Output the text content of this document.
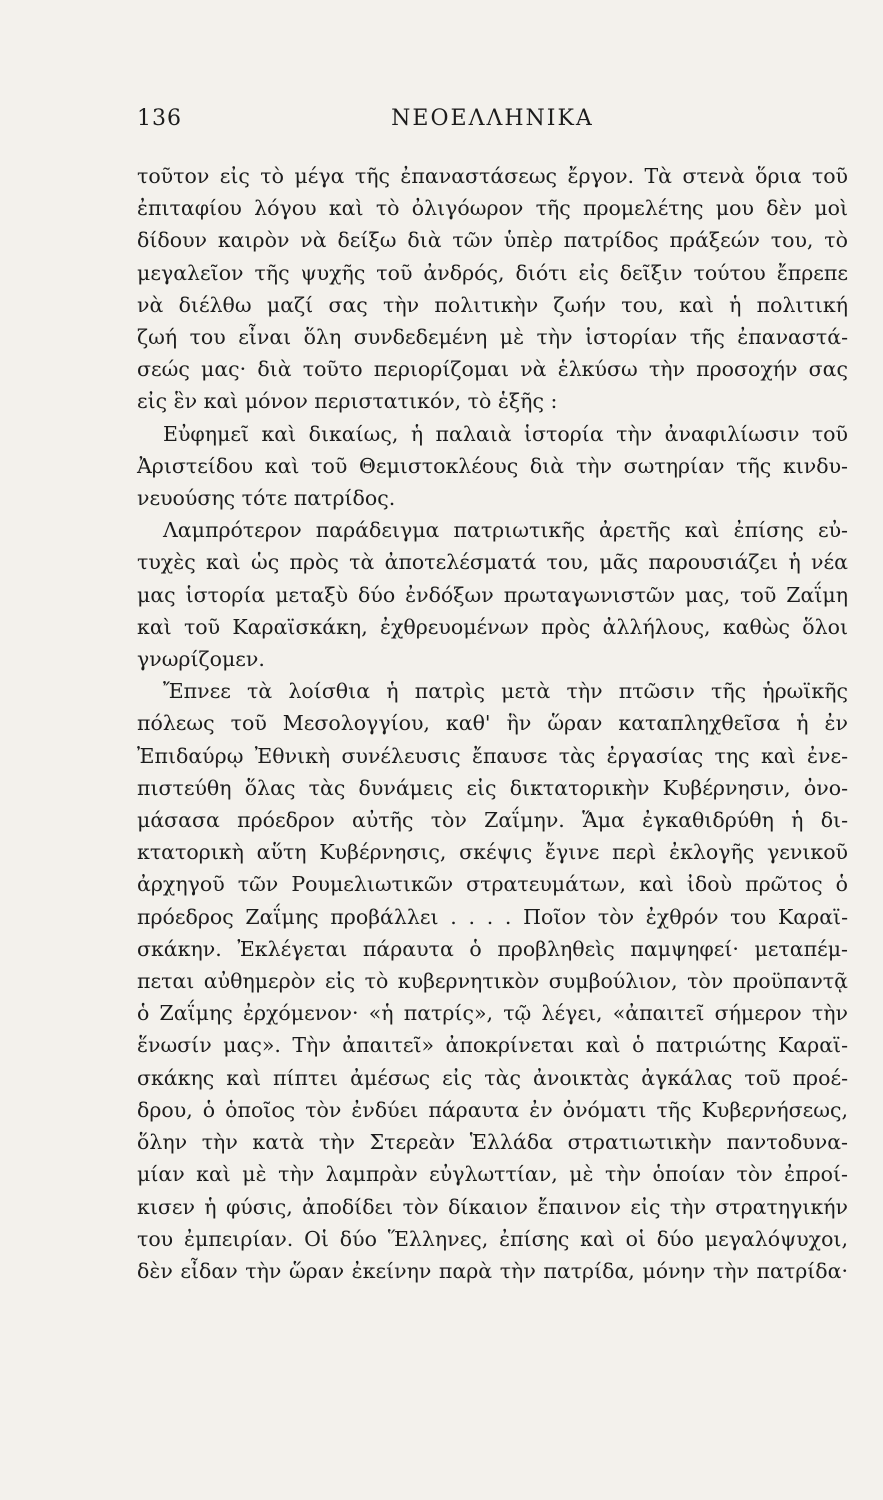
136	ΝΕΟΕΛΛΗΝΙΚΑ
τοῦτον εἰς τὸ μέγα τῆς ἐπαναστάσεως ἔργον. Τὰ στενὰ ὅρια τοῦ
ἐπιταφίου λόγου καὶ τὸ ὀλιγόωρον τῆς προμελέτης μου δὲν μοὶ
δίδουν καιρὸν νὰ δείξω διὰ τῶν ὑπὲρ πατρίδος πράξεών του, τὸ
μεγαλεῖον τῆς ψυχῆς τοῦ ἀνδρός, διότι εἰς δεῖξιν τούτου ἔπρεπε
νὰ διέλθω μαζί σας τὴν πολιτικὴν ζωήν του, καὶ ἡ πολιτική
ζωή του εἶναι ὅλη συνδεδεμένη μὲ τὴν ἱστορίαν τῆς ἐπαναστά-
σεώς μας· διὰ τοῦτο περιορίζομαι νὰ ἑλκύσω τὴν προσοχήν σας
εἰς ἓν καὶ μόνον περιστατικόν, τὸ ἑξῆς :
Εὐφημεῖ καὶ δικαίως, ἡ παλαιὰ ἱστορία τὴν ἀναφιλίωσιν τοῦ
Ἀριστείδου καὶ τοῦ Θεμιστοκλέους διὰ τὴν σωτηρίαν τῆς κινδυ-
νευούσης τότε πατρίδος.
Λαμπρότερον παράδειγμα πατριωτικῆς ἀρετῆς καὶ ἐπίσης εὐ-
τυχὲς καὶ ὡς πρὸς τὰ ἀποτελέσματά του, μᾶς παρουσιάζει ἡ νέα
μας ἱστορία μεταξὺ δύο ἐνδόξων πρωταγωνιστῶν μας, τοῦ Ζαΐμη
καὶ τοῦ Καραϊσκάκη, ἐχθρευομένων πρὸς ἀλλήλους, καθὼς ὅλοι
γνωρίζομεν.
Ἔπνεε τὰ λοίσθια ἡ πατρὶς μετὰ τὴν πτῶσιν τῆς ἡρωϊκῆς
πόλεως τοῦ Μεσολογγίου, καθ' ἣν ὥραν καταπληχθεῖσα ἡ ἐν
Ἐπιδαύρῳ Ἐθνικὴ συνέλευσις ἔπαυσε τὰς ἐργασίας της καὶ ἐνε-
πιστεύθη ὅλας τὰς δυνάμεις εἰς δικτατορικὴν Κυβέρνησιν, ὀνο-
μάσασα πρόεδρον αὐτῆς τὸν Ζαΐμην. Ἅμα ἐγκαθιδρύθη ἡ δι-
κτατορικὴ αὕτη Κυβέρνησις, σκέψις ἔγινε περὶ ἐκλογῆς γενικοῦ
ἀρχηγοῦ τῶν Ρουμελιωτικῶν στρατευμάτων, καὶ ἰδοὺ πρῶτος ὁ
πρόεδρος Ζαΐμης προβάλλει . . . . Ποῖον τὸν ἐχθρόν του Καραϊ-
σκάκην. Ἐκλέγεται πάραυτα ὁ προβληθεὶς παμψηφεί· μεταπέμ-
πεται αὐθημερὸν εἰς τὸ κυβερνητικὸν συμβούλιον, τὸν προϋπαντᾷ
ὁ Ζαΐμης ἐρχόμενον· «ἡ πατρίς», τῷ λέγει, «ἀπαιτεῖ σήμερον τὴν
ἕνωσίν μας». Τὴν ἀπαιτεῖ» ἀποκρίνεται καὶ ὁ πατριώτης Καραϊ-
σκάκης καὶ πίπτει ἀμέσως εἰς τὰς ἀνοικτὰς ἀγκάλας τοῦ προέ-
δρου, ὁ ὁποῖος τὸν ἐνδύει πάραυτα ἐν ὀνόματι τῆς Κυβερνήσεως,
ὅλην τὴν κατὰ τὴν Στερεὰν Ἑλλάδα στρατιωτικὴν παντοδυνα-
μίαν καὶ μὲ τὴν λαμπρὰν εὐγλωττίαν, μὲ τὴν ὁποίαν τὸν ἐπροί-
κισεν ἡ φύσις, ἀποδίδει τὸν δίκαιον ἔπαινον εἰς τὴν στρατηγικήν
του ἐμπειρίαν. Οἱ δύο Ἕλληνες, ἐπίσης καὶ οἱ δύο μεγαλόψυχοι,
δὲν εἶδαν τὴν ὥραν ἐκείνην παρὰ τὴν πατρίδα, μόνην τὴν πατρίδα·
